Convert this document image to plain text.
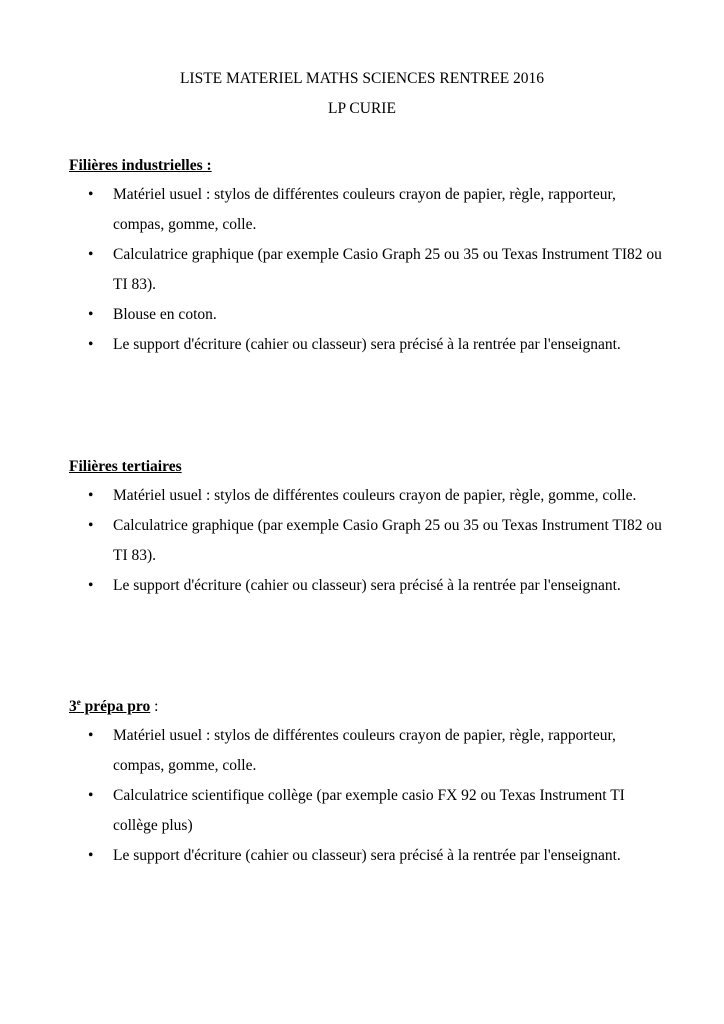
LISTE MATERIEL MATHS SCIENCES RENTREE 2016
LP CURIE
Filières industrielles :
• Matériel usuel : stylos de différentes couleurs crayon de papier, règle, rapporteur, compas, gomme, colle.
• Calculatrice graphique (par exemple Casio Graph 25 ou 35 ou Texas Instrument TI82 ou TI 83).
• Blouse en coton.
• Le support d'écriture (cahier ou classeur) sera précisé à la rentrée par l'enseignant.
Filières tertiaires
• Matériel usuel : stylos de différentes couleurs crayon de papier, règle, gomme, colle.
• Calculatrice graphique (par exemple Casio Graph 25 ou 35 ou Texas Instrument TI82 ou TI 83).
• Le support d'écriture (cahier ou classeur) sera précisé à la rentrée par l'enseignant.
3e prépa pro :
• Matériel usuel : stylos de différentes couleurs crayon de papier, règle, rapporteur, compas, gomme, colle.
• Calculatrice scientifique collège (par exemple casio FX 92 ou Texas Instrument TI collège plus)
• Le support d'écriture (cahier ou classeur) sera précisé à la rentrée par l'enseignant.
